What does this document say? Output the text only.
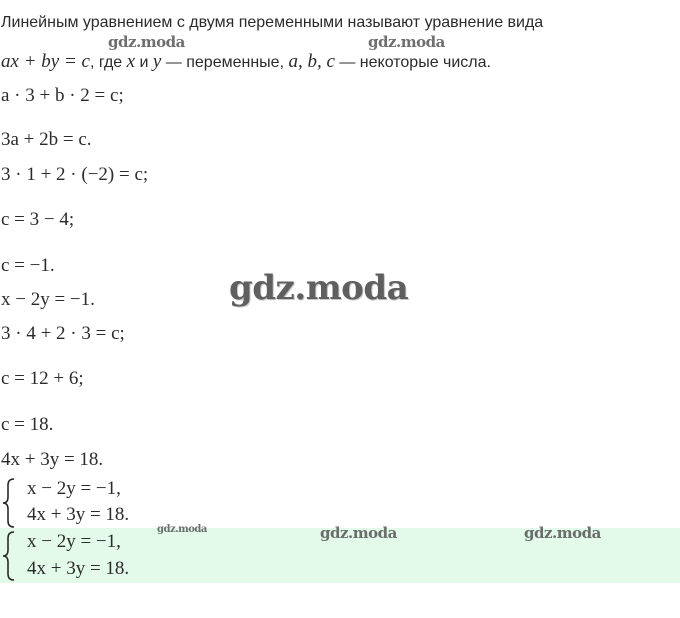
Линейным уравнением с двумя переменными называют уравнение вида
ax + by = c, где x и y — переменные, a, b, c — некоторые числа.
a · 3 + b · 2 = c;
3a + 2b = c.
3 · 1 + 2 · (−2) = c;
c = 3 − 4;
c = −1.
x − 2y = −1.
3 · 4 + 2 · 3 = c;
c = 12 + 6;
c = 18.
4x + 3y = 18.
x − 2y = −1,
4x + 3y = 18.
x − 2y = −1,
4x + 3y = 18.
gdz.moda	gdz.moda
gdz.moda
gdz.moda	gdz.moda	gdz.moda
